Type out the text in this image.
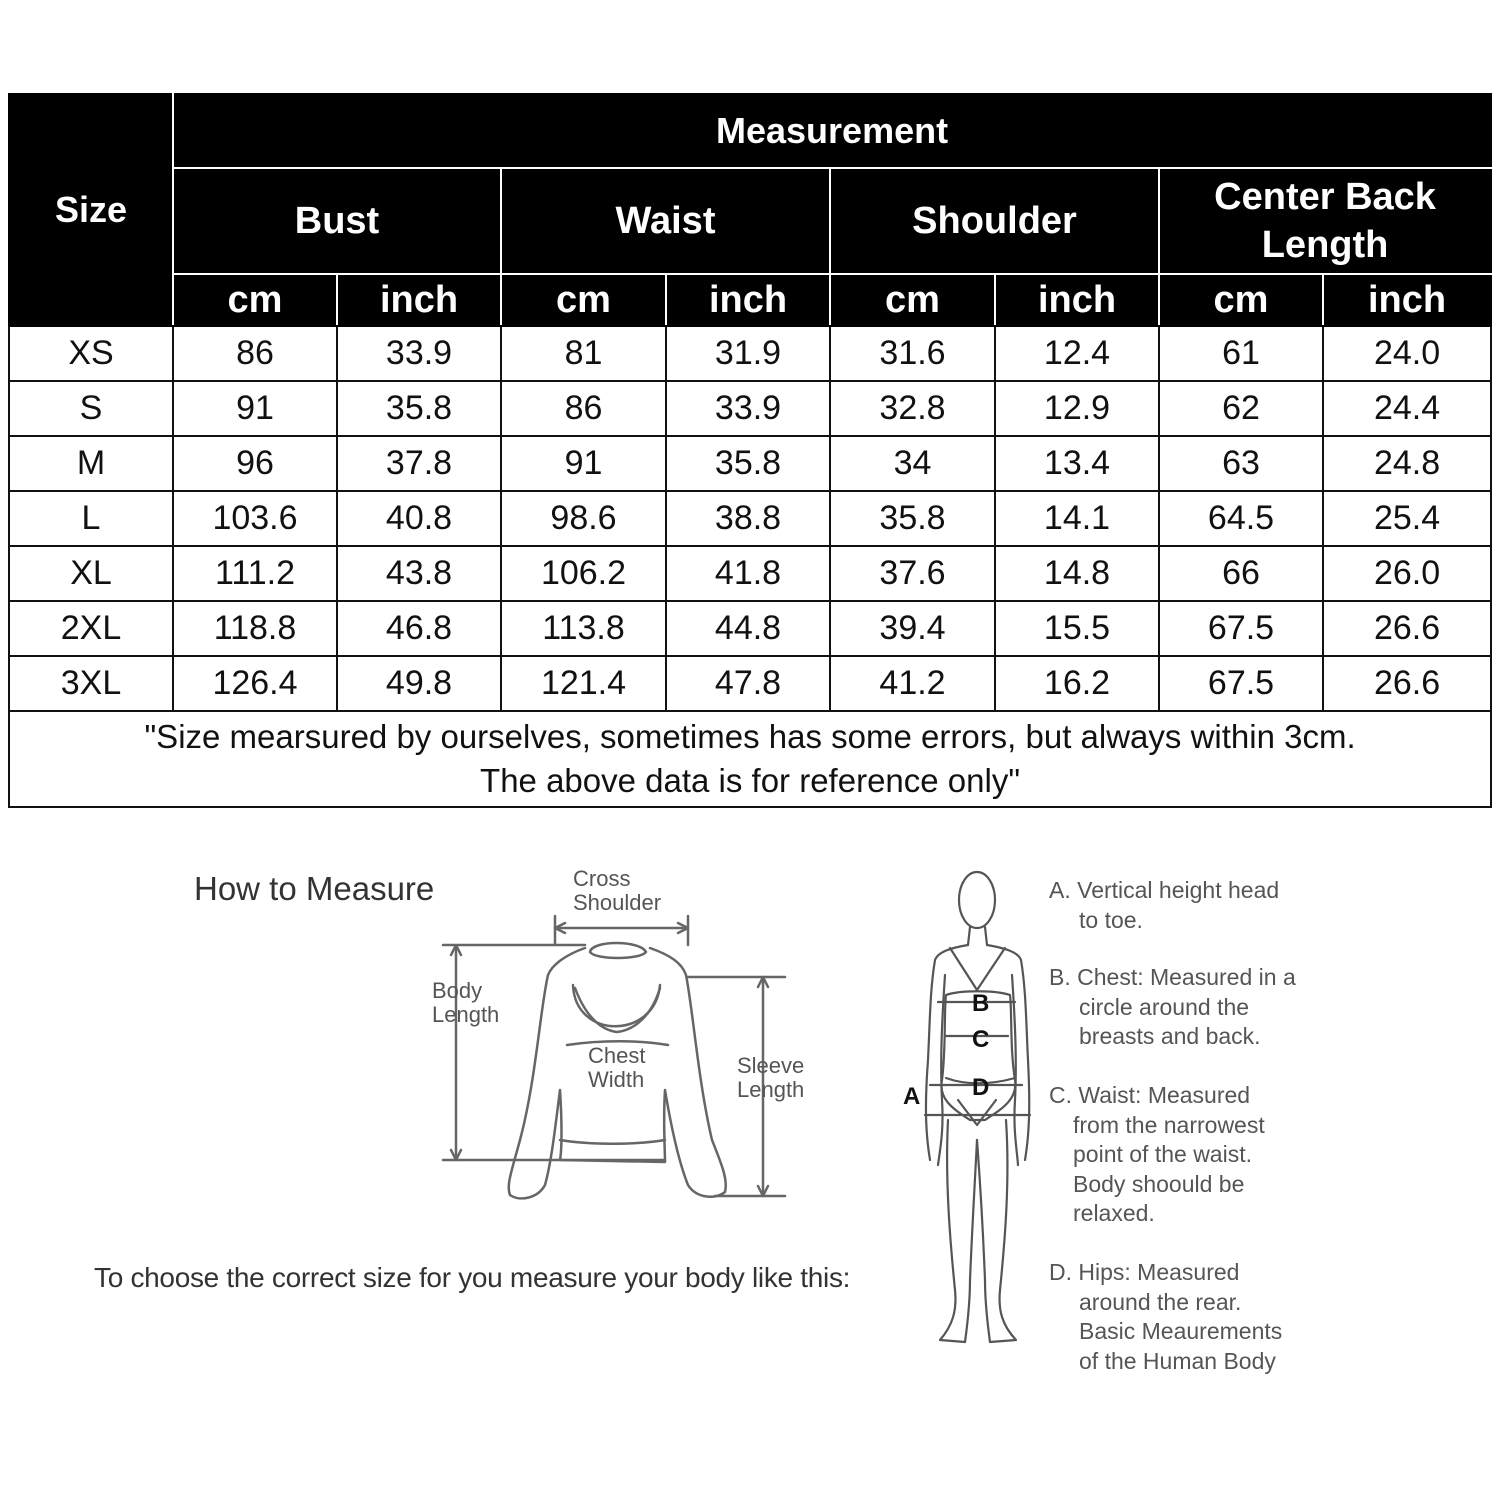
Size	Measurement							
	Bust		Waist		Shoulder		Center Back Length	
	cm	inch	cm	inch	cm	inch	cm	inch
XS	86	33.9	81	31.9	31.6	12.4	61	24.0
S	91	35.8	86	33.9	32.8	12.9	62	24.4
M	96	37.8	91	35.8	34	13.4	63	24.8
L	103.6	40.8	98.6	38.8	35.8	14.1	64.5	25.4
XL	111.2	43.8	106.2	41.8	37.6	14.8	66	26.0
2XL	118.8	46.8	113.8	44.8	39.4	15.5	67.5	26.6
3XL	126.4	49.8	121.4	47.8	41.2	16.2	67.5	26.6
"Size mearsured by ourselves, sometimes has some errors, but always within 3cm.
The above data is for reference only"								
How to Measure
To choose the correct size for you measure your body like this:
Cross
Shoulder
Body
Length
Chest
Width
Sleeve
Length	A
B
C
D
A. Vertical height head
to toe.
B. Chest: Measured in a
circle around the
breasts and back.
C. Waist: Measured
from the narrowest
point of the waist.
Body shoould be
relaxed.
D. Hips: Measured
around the rear.
Basic Meaurements
of the Human Body
